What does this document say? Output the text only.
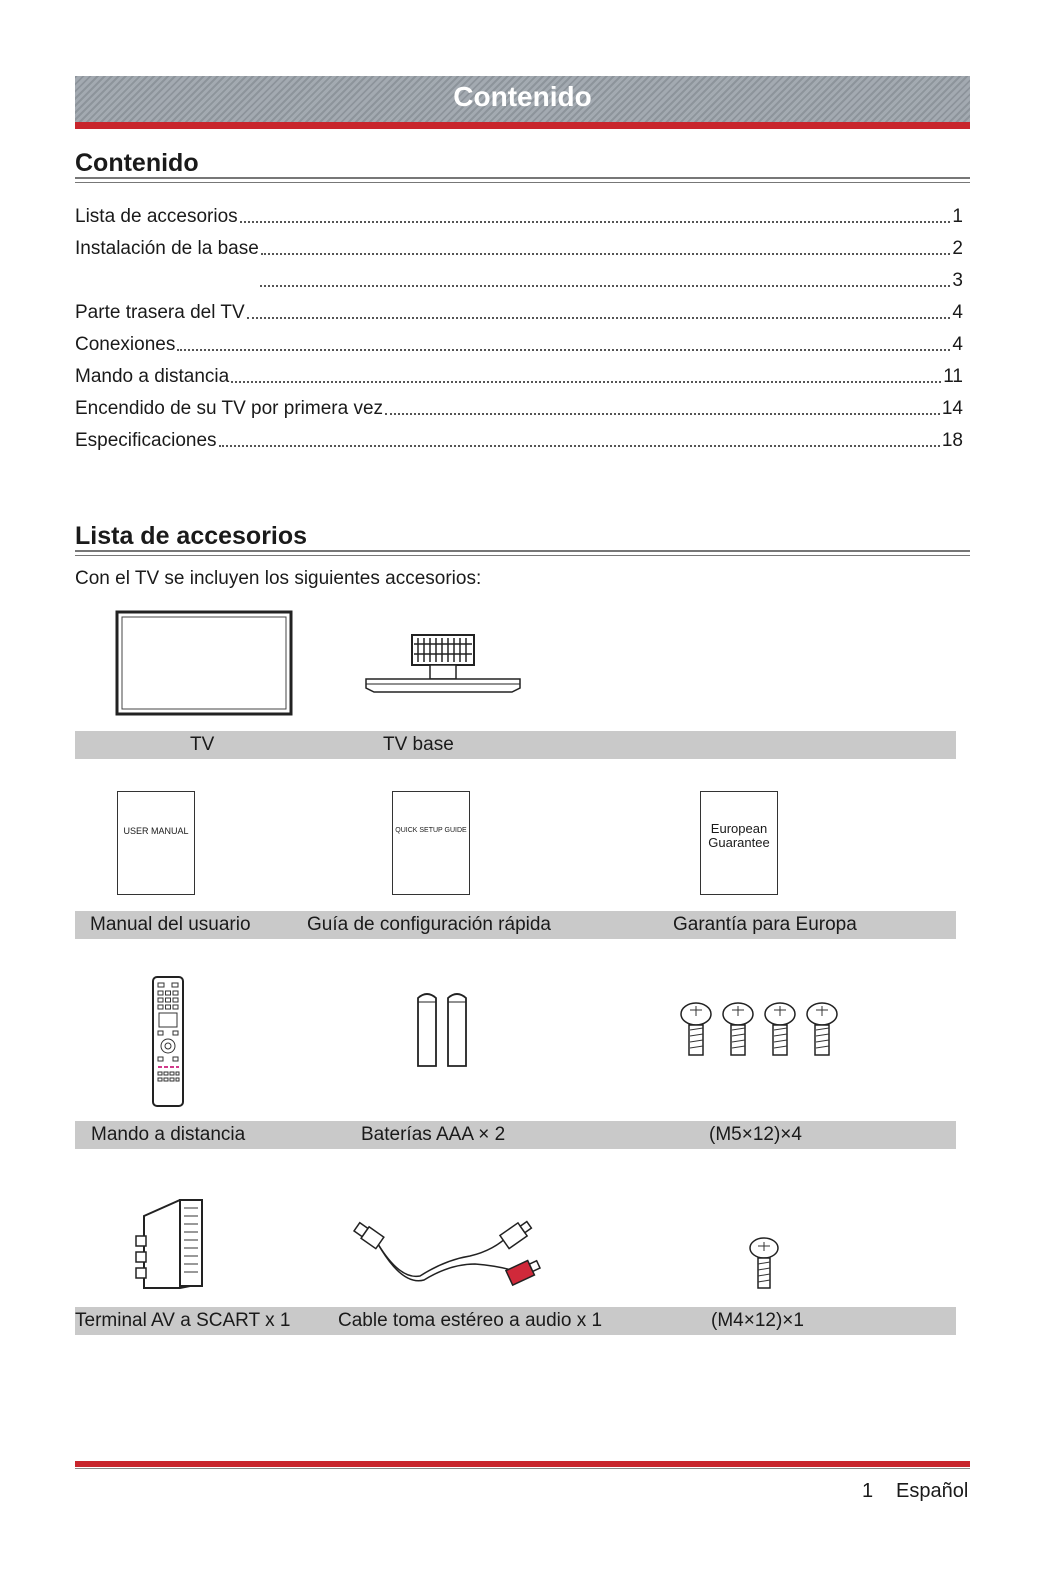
Contenido
Contenido
Lista de accesorios	1
Instalación de la base	2
3
Parte trasera del TV	4
Conexiones	4
Mando a distancia	11
Encendido de su TV por primera vez	14
Especificaciones	18
Lista de accesorios
Con el TV se incluyen los siguientes accesorios:
TV	TV base
USER MANUAL	QUICK SETUP GUIDE	European Guarantee
Manual del usuario	Guía de configuración rápida	Garantía para Europa
Mando a distancia	Baterías AAA × 2	(M5×12)×4
Terminal AV a SCART x 1	Cable toma estéreo a audio x 1	(M4×12)×1
1 Español
